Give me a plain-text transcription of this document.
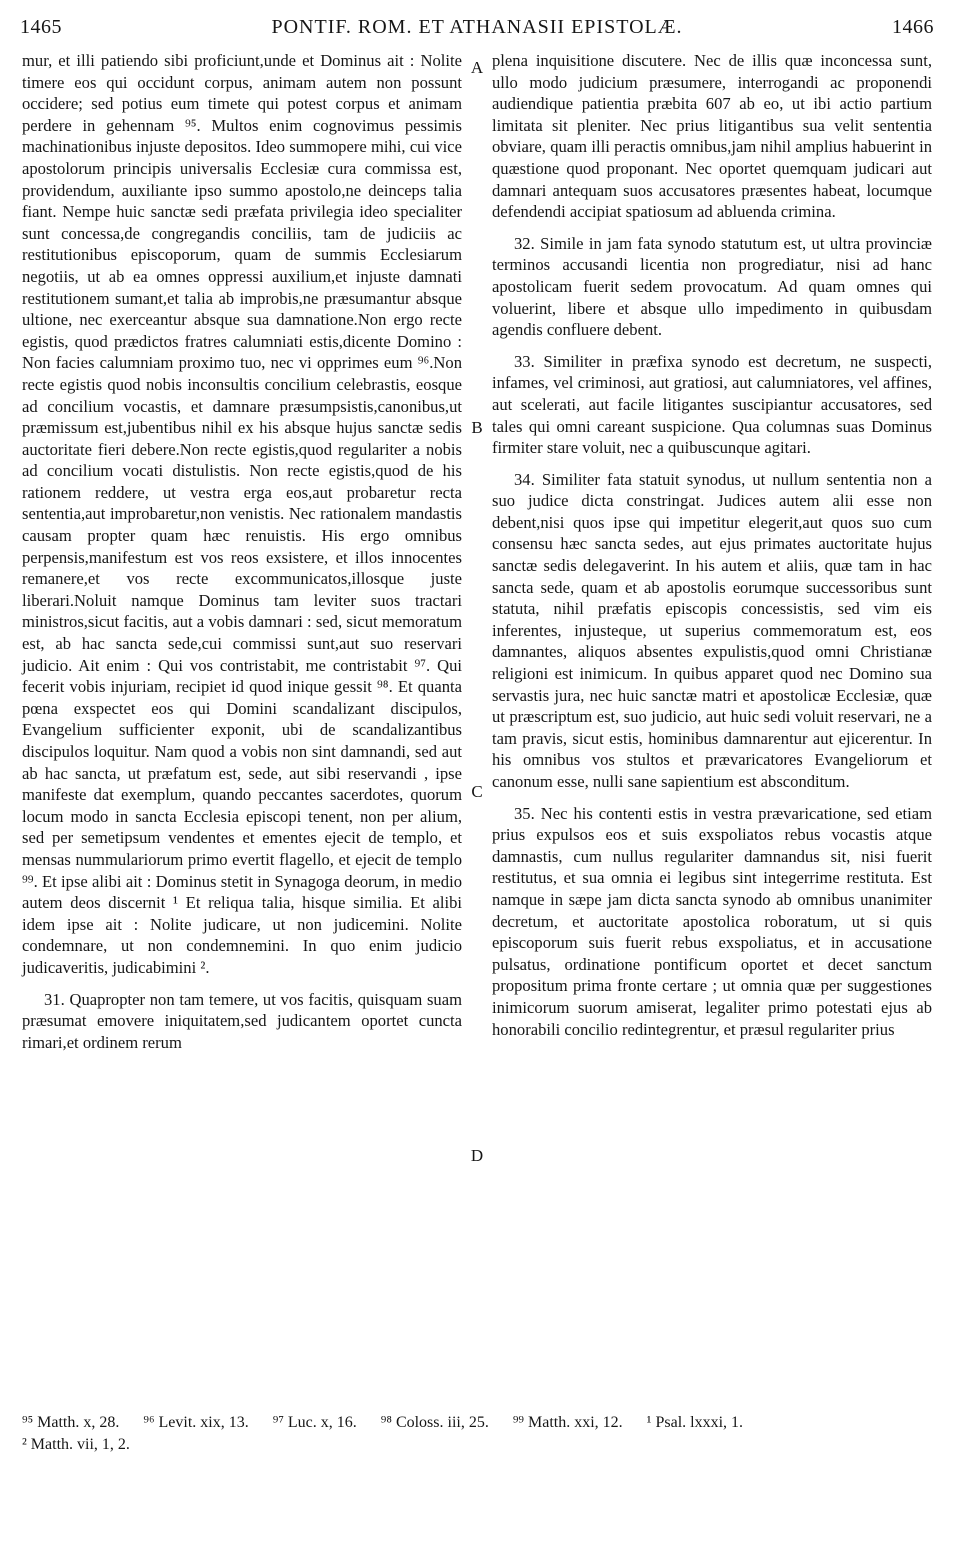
1465	PONTIF. ROM. ET ATHANASII EPISTOLÆ.	1466

mur, et illi patiendo sibi proficiunt,unde et Dominus ait : Nolite timere eos qui occidunt corpus, animam autem non possunt occidere; sed potius eum timete qui potest corpus et animam perdere in gehennam ⁹⁵. Multos enim cognovimus pessimis machinationibus injuste depositos. Ideo summopere mihi, cui vice apostolorum principis universalis Ecclesiæ cura commissa est, providendum, auxiliante ipso summo apostolo,ne deinceps talia fiant. Nempe huic sanctæ sedi præfata privilegia ideo specialiter sunt concessa,de congregandis conciliis, tam de judiciis ac restitutionibus episcoporum, quam de summis Ecclesiarum negotiis, ut ab ea omnes oppressi auxilium,et injuste damnati restitutionem sumant,et talia ab improbis,ne præsumantur absque ultione, nec exerceantur absque sua damnatione.Non ergo recte egistis, quod prædictos fratres calumniati estis,dicente Domino : Non facies calumniam proximo tuo, nec vi opprimes eum ⁹⁶.Non recte egistis quod nobis inconsultis concilium celebrastis, eosque ad concilium vocastis, et damnare præsumpsistis,canonibus,ut præmissum est,jubentibus nihil ex his absque hujus sanctæ sedis auctoritate fieri debere.Non recte egistis,quod regulariter a nobis ad concilium vocati distulistis. Non recte egistis,quod de his rationem reddere, ut vestra erga eos,aut probaretur recta sententia,aut improbaretur,non venistis. Nec rationalem mandastis causam propter quam hæc renuistis. His ergo omnibus perpensis,manifestum est vos reos exsistere, et illos innocentes remanere,et vos recte excommunicatos,illosque juste liberari.Noluit namque Dominus tam leviter suos tractari ministros,sicut facitis, aut a vobis damnari : sed, sicut memoratum est, ab hac sancta sede,cui commissi sunt,aut suo reservari judicio. Ait enim : Qui vos contristabit, me contristabit ⁹⁷. Qui fecerit vobis injuriam, recipiet id quod inique gessit ⁹⁸. Et quanta pœna exspectet eos qui Domini scandalizant discipulos, Evangelium sufficienter exponit, ubi de scandalizantibus discipulos loquitur. Nam quod a vobis non sint damnandi, sed aut ab hac sancta, ut præfatum est, sede, aut sibi reservandi , ipse manifeste dat exemplum, quando peccantes sacerdotes, quorum locum modo in sancta Ecclesia episcopi tenent, non per alium, sed per semetipsum vendentes et ementes ejecit de templo, et mensas nummulariorum primo evertit flagello, et ejecit de templo ⁹⁹. Et ipse alibi ait : Dominus stetit in Synagoga deorum, in medio autem deos discernit ¹ Et reliqua talia, hisque similia. Et alibi idem ipse ait : Nolite judicare, ut non judicemini. Nolite condemnare, ut non condemnemini. In quo enim judicio judicaveritis, judicabimini ².

31. Quapropter non tam temere, ut vos facitis, quisquam suam præsumat emovere iniquitatem,sed judicantem oportet cuncta rimari,et ordinem rerum

A
B
C
D

plena inquisitione discutere. Nec de illis quæ inconcessa sunt, ullo modo judicium præsumere, interrogandi ac proponendi audiendique patientia præbita 607 ab eo, ut ibi actio partium limitata sit pleniter. Nec prius litigantibus sua velit sententia obviare, quam illi peractis omnibus,jam nihil amplius habuerint in quæstione quod proponant. Nec oportet quemquam judicari aut damnari antequam suos accusatores præsentes habeat, locumque defendendi accipiat spatiosum ad abluenda crimina.

32. Simile in jam fata synodo statutum est, ut ultra provinciæ terminos accusandi licentia non progrediatur, nisi ad hanc apostolicam fuerit sedem provocatum. Ad quam omnes qui voluerint, libere et absque ullo impedimento in quibusdam agendis confluere debent.

33. Similiter in præfixa synodo est decretum, ne suspecti, infames, vel criminosi, aut gratiosi, aut calumniatores, vel affines, aut scelerati, aut facile litigantes suscipiantur accusatores, sed tales qui omni careant suspicione. Qua columnas suas Dominus firmiter stare voluit, nec a quibuscunque agitari.

34. Similiter fata statuit synodus, ut nullum sententia non a suo judice dicta constringat. Judices autem alii esse non debent,nisi quos ipse qui impetitur elegerit,aut quos suo cum consensu hæc sancta sedes, aut ejus primates auctoritate hujus sanctæ sedis delegaverint. In his autem et aliis, quæ tam in hac sancta sede, quam et ab apostolis eorumque successoribus sunt statuta, nihil præfatis episcopis concessistis, sed vim eis inferentes, injusteque, ut superius commemoratum est, eos damnantes, aliquos absentes expulistis,quod omni Christianæ religioni est inimicum. In quibus apparet quod nec Domino sua servastis jura, nec huic sanctæ matri et apostolicæ Ecclesiæ, quæ ut præscriptum est, suo judicio, aut huic sedi voluit reservari, ne a tam pravis, sicut estis, hominibus damnarentur aut ejicerentur. In his omnibus vos stultos et prævaricatores Evangeliorum et canonum esse, nulli sane sapientium est absconditum.

35. Nec his contenti estis in vestra prævaricatione, sed etiam prius expulsos eos et suis exspoliatos rebus vocastis atque damnastis, cum nullus regulariter damnandus sit, nisi fuerit restitutus, et sua omnia ei legibus sint integerrime restituta. Est namque in sæpe jam dicta sancta synodo ab omnibus unanimiter decretum, et auctoritate apostolica roboratum, ut si quis episcoporum suis fuerit rebus exspoliatus, et in accusatione pulsatus, ordinatione pontificum oportet et decet sanctum propositum prima fronte certare ; ut omnia quæ per suggestiones inimicorum suorum amiserat, legaliter primo potestati ejus ab honorabili concilio redintegrentur, et præsul regulariter prius

⁹⁵ Matth. x, 28. ⁹⁶ Levit. xix, 13. ⁹⁷ Luc. x, 16. ⁹⁸ Coloss. iii, 25. ⁹⁹ Matth. xxi, 12. ¹ Psal. lxxxi, 1.
² Matth. vii, 1, 2.
